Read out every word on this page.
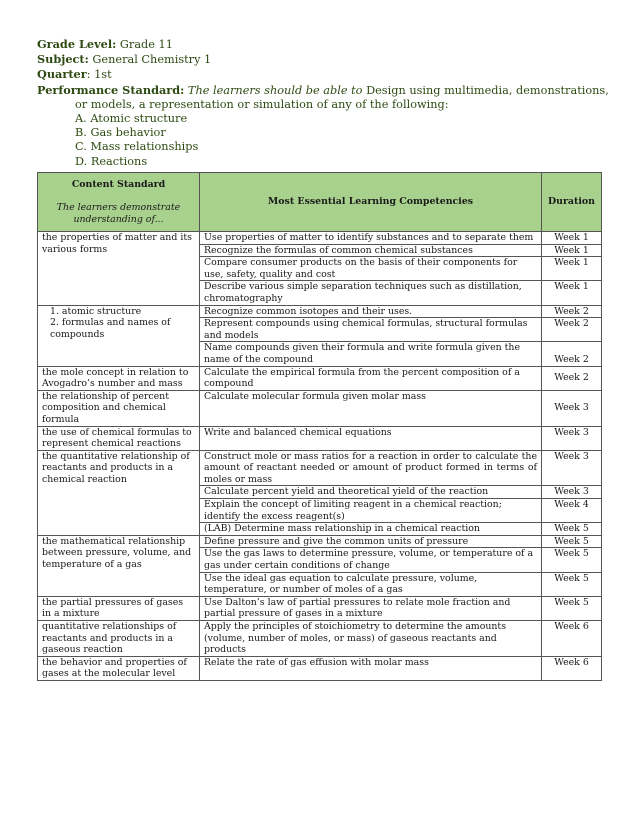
Grade Level: Grade 11
Subject: General Chemistry 1
Quarter: 1st
Performance Standard: The learners should be able to Design using multimedia, demonstrations,
or models, a representation or simulation of any of the following:
A. Atomic structure
B. Gas behavior
C. Mass relationships
D. Reactions
Content Standard

The learners demonstrate understanding of...	Most Essential Learning Competencies	Duration
the properties of matter and its various forms	Use properties of matter to identify substances and to separate them	Week 1
	Recognize the formulas of common chemical substances	Week 1
	Compare consumer products on the basis of their components for use, safety, quality and cost	Week 1
	Describe various simple separation techniques such as distillation, chromatography	Week 1

1. atomic structure
2. formulas and names of compounds	Recognize common isotopes and their uses.	Week 2
	Represent compounds using chemical formulas, structural formulas and models	Week 2
	Name compounds given their formula and write formula given the name of the compound	Week 2
the mole concept in relation to Avogadro’s number and mass	Calculate the empirical formula from the percent composition of a compound	Week 2
the relationship of percent composition and chemical formula	Calculate molecular formula given molar mass	Week 3
the use of chemical formulas to represent chemical reactions	Write and balanced chemical equations	Week 3
the quantitative relationship of reactants and products in a chemical reaction	Construct mole or mass ratios for a reaction in order to calculate the amount of reactant needed or amount of product formed in terms of moles or mass	Week 3
	Calculate percent yield and theoretical yield of the reaction	Week 3
	Explain the concept of limiting reagent in a chemical reaction; identify the excess reagent(s)	Week 4
	(LAB) Determine mass relationship in a chemical reaction	Week 5
the mathematical relationship between pressure, volume, and temperature of a gas	Define pressure and give the common units of pressure	Week 5
	Use the gas laws to determine pressure, volume, or temperature of a gas under certain conditions of change	Week 5
	Use the ideal gas equation to calculate pressure, volume, temperature, or number of moles of a gas	Week 5
the partial pressures of gases in a mixture	Use Dalton’s law of partial pressures to relate mole fraction and partial pressure of gases in a mixture	Week 5
quantitative relationships of reactants and products in a gaseous reaction	Apply the principles of stoichiometry to determine the amounts (volume, number of moles, or mass) of gaseous reactants and products	Week 6
the behavior and properties of gases at the molecular level	Relate the rate of gas effusion with molar mass	Week 6
